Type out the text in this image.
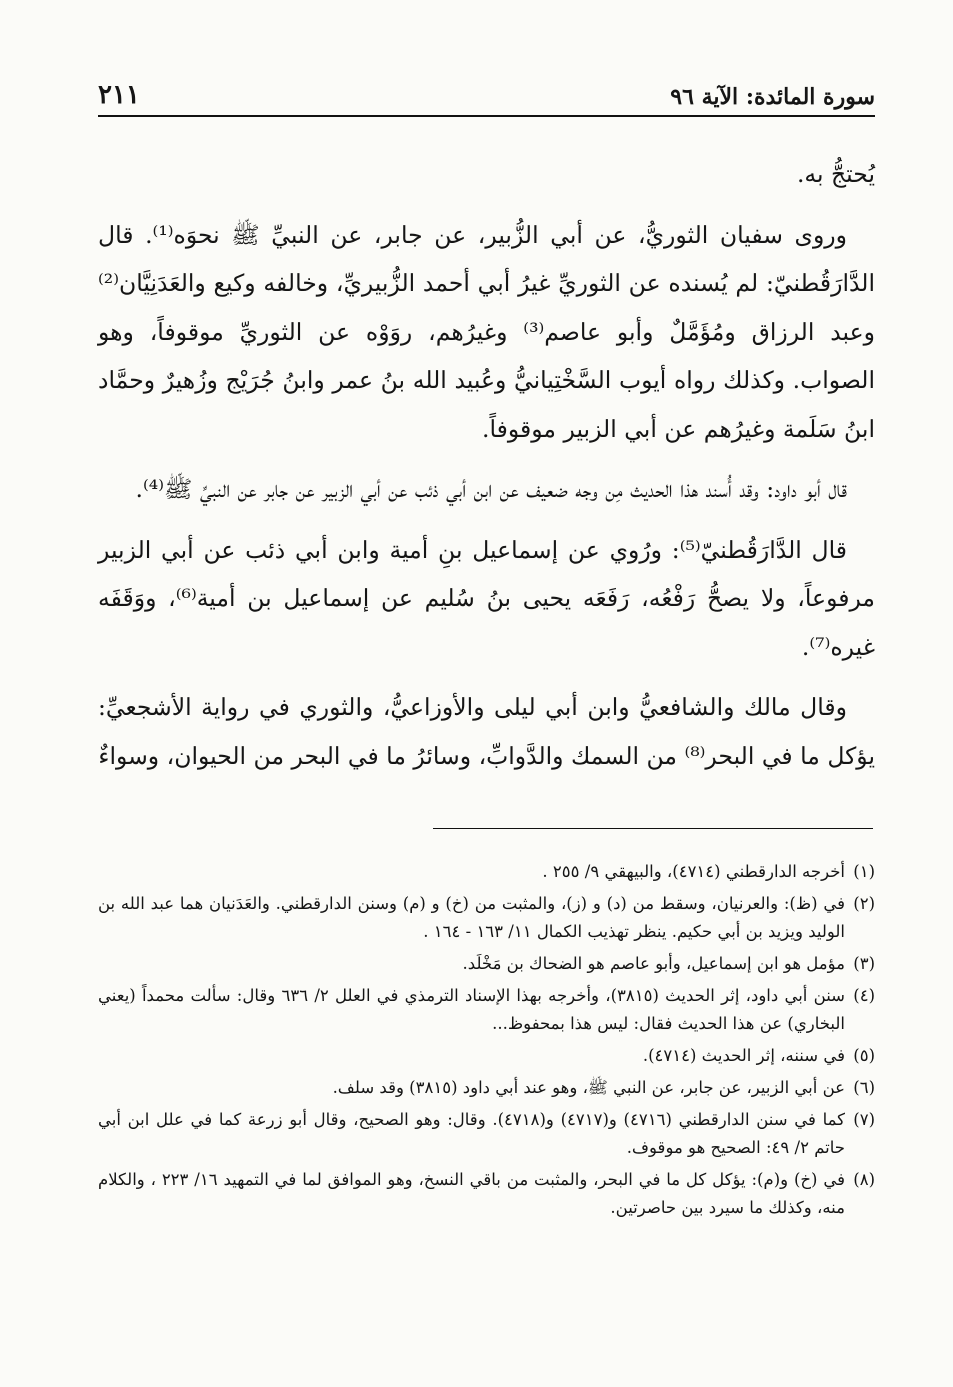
سورة المائدة: الآية ٩٦
٢١١

يُحتجُّ به.

وروى سفيان الثوريُّ، عن أبي الزُّبير، عن جابر، عن النبيِّ ﷺ نحوَه⁽¹⁾. قال الدَّارَقُطنيّ: لم يُسنده عن الثوريِّ غيرُ أبي أحمد الزُّبيريِّ، وخالفه وكيع والعَدَنِيَّان⁽²⁾ وعبد الرزاق ومُؤَمَّلٌ وأبو عاصم⁽³⁾ وغيرُهم، روَوْه عن الثوريِّ موقوفاً، وهو الصواب. وكذلك رواه أيوب السَّخْتِيانيُّ وعُبيد الله بنُ عمر وابنُ جُرَيْج وزُهيرٌ وحمَّاد ابنُ سَلَمة وغيرُهم عن أبي الزبير موقوفاً.

قال أبو داود: وقد أُسند هذا الحديث مِن وجه ضعيف عن ابن أبي ذئب عن أبي الزبير عن جابر عن النبيِّ ﷺ⁽⁴⁾.

قال الدَّارَقُطنيّ⁽⁵⁾: ورُوي عن إسماعيل بنِ أمية وابن أبي ذئب عن أبي الزبير مرفوعاً، ولا يصحُّ رَفْعُه، رَفَعَه يحيى بنُ سُليم عن إسماعيل بن أمية⁽⁶⁾، ووَقَفَه غيره⁽⁷⁾.

وقال مالك والشافعيُّ وابن أبي ليلى والأوزاعيُّ، والثوري في رواية الأشجعيِّ: يؤكل ما في البحر⁽⁸⁾ من السمك والدَّوابِّ، وسائرُ ما في البحر من الحيوان، وسواءٌ

(١)
أخرجه الدارقطني (٤٧١٤)، والبيهقي ٩/ ٢٥٥ .
(٢)
في (ظ): والعرنيان، وسقط من (د) و (ز)، والمثبت من (خ) و (م) وسنن الدارقطني. والعَدَنيان هما عبد الله بن الوليد ويزيد بن أبي حكيم. ينظر تهذيب الكمال ١١/ ١٦٣ - ١٦٤ .
(٣)
مؤمل هو ابن إسماعيل، وأبو عاصم هو الضحاك بن مَخْلَد.
(٤)
سنن أبي داود، إثر الحديث (٣٨١٥)، وأخرجه بهذا الإسناد الترمذي في العلل ٢/ ٦٣٦ وقال: سألت محمداً (يعني البخاري) عن هذا الحديث فقال: ليس هذا بمحفوظ...
(٥)
في سننه، إثر الحديث (٤٧١٤).
(٦)
عن أبي الزبير، عن جابر، عن النبي ﷺ، وهو عند أبي داود (٣٨١٥) وقد سلف.
(٧)
كما في سنن الدارقطني (٤٧١٦) و(٤٧١٧) و(٤٧١٨). وقال: وهو الصحيح، وقال أبو زرعة كما في علل ابن أبي حاتم ٢/ ٤٩: الصحيح هو موقوف.
(٨)
في (خ) و(م): يؤكل كل ما في البحر، والمثبت من باقي النسخ، وهو الموافق لما في التمهيد ١٦/ ٢٢٣ ، والكلام منه، وكذلك ما سيرد بين حاصرتين.
